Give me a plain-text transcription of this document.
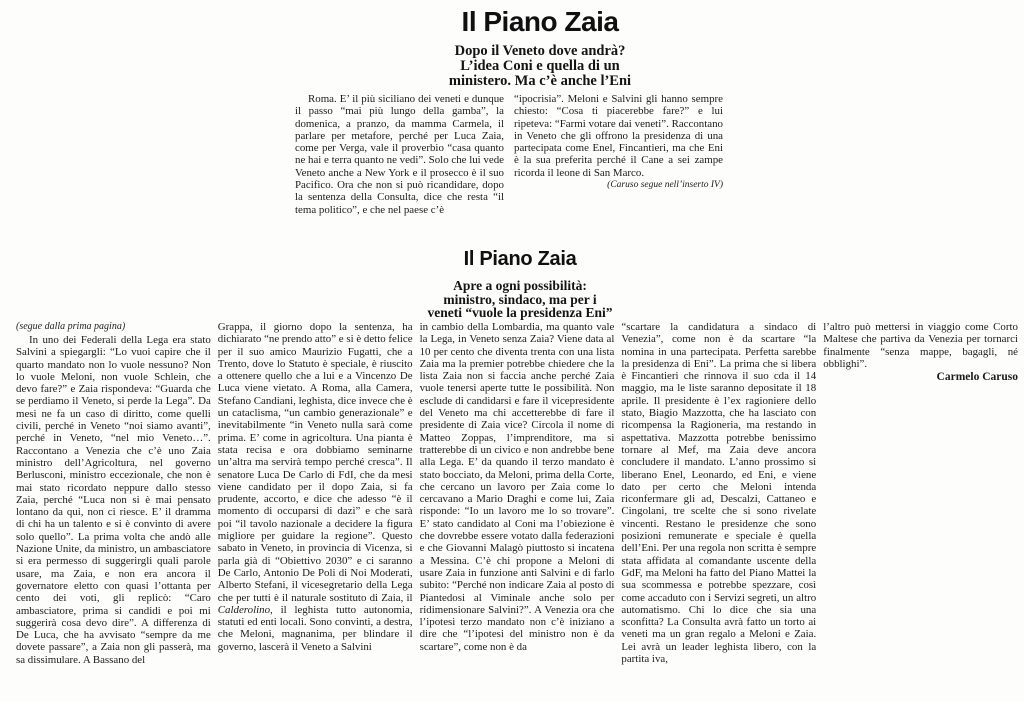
Il Piano Zaia
Dopo il Veneto dove andrà?
L’idea Coni e quella di un
ministero. Ma c’è anche l’Eni

Roma. E’ il più siciliano dei veneti e dunque il passo “mai più lungo della gamba”, la domenica, a pranzo, da mamma Carmela, il parlare per metafore, perché per Luca Zaia, come per Verga, vale il proverbio “casa quanto ne hai e terra quanto ne vedi”. Solo che lui vede Veneto anche a New York e il prosecco è il suo Pacifico. Ora che non si può ricandidare, dopo la sentenza della Consulta, dice che resta “il tema politico”, e che nel paese c’è

“ipocrisia”. Meloni e Salvini gli hanno sempre chiesto: “Cosa ti piacerebbe fare?” e lui ripeteva: “Farmi votare dai veneti”. Raccontano in Veneto che gli offrono la presidenza di una partecipata come Enel, Fincantieri, ma che Eni è la sua preferita perché il Cane a sei zampe ricorda il leone di San Marco.
(Caruso segue nell’inserto IV)

Il Piano Zaia
Apre a ogni possibilità:
ministro, sindaco, ma per i
veneti “vuole la presidenza Eni”
(segue dalla prima pagina)

In uno dei Federali della Lega era stato Salvini a spiegargli: “Lo vuoi capire che il quarto mandato non lo vuole nessuno? Non lo vuole Meloni, non vuole Schlein, che devo fare?” e Zaia rispondeva: “Guarda che se perdiamo il Veneto, si perde la Lega”. Da mesi ne fa un caso di diritto, come quelli civili, perché in Veneto “noi siamo avanti”, perché in Veneto, “nel mio Veneto…”. Raccontano a Venezia che c’è uno Zaia ministro dell’Agricoltura, nel governo Berlusconi, ministro eccezionale, che non è mai stato ricordato neppure dallo stesso Zaia, perché “Luca non si è mai pensato lontano da qui, non ci riesce. E’ il dramma di chi ha un talento e si è convinto di avere solo quello”. La prima volta che andò alle Nazione Unite, da ministro, un ambasciatore si era permesso di suggerirgli quali parole usare, ma Zaia, e non era ancora il governatore eletto con quasi l’ottanta per cento dei voti, gli replicò: “Caro ambasciatore, prima si candidi e poi mi suggerirà cosa devo dire”. A differenza di De Luca, che ha avvisato “sempre da me dovete passare”, a Zaia non gli passerà, ma sa dissimulare. A Bassano del

Grappa, il giorno dopo la sentenza, ha dichiarato “ne prendo atto” e si è detto felice per il suo amico Maurizio Fugatti, che a Trento, dove lo Statuto è speciale, è riuscito a ottenere quello che a lui e a Vincenzo De Luca viene vietato. A Roma, alla Camera, Stefano Candiani, leghista, dice invece che è un cataclisma, “un cambio generazionale” e inevitabilmente “in Veneto nulla sarà come prima. E’ come in agricoltura. Una pianta è stata recisa e ora dobbiamo seminarne un’altra ma servirà tempo perché cresca”. Il senatore Luca De Carlo di FdI, che da mesi viene candidato per il dopo Zaia, si fa prudente, accorto, e dice che adesso “è il momento di occuparsi di dazi” e che sarà poi “il tavolo nazionale a decidere la figura migliore per guidare la regione”. Questo sabato in Veneto, in provincia di Vicenza, si parla già di “Obiettivo 2030” e ci saranno De Carlo, Antonio De Poli di Noi Moderati, Alberto Stefani, il vicesegretario della Lega che per tutti è il naturale sostituto di Zaia, il Calderolino, il leghista tutto autonomia, statuti ed enti locali. Sono convinti, a destra, che Meloni, magnanima, per blindare il governo, lascerà il Veneto a Salvini

in cambio della Lombardia, ma quanto vale la Lega, in Veneto senza Zaia? Viene data al 10 per cento che diventa trenta con una lista Zaia ma la premier potrebbe chiedere che la lista Zaia non si faccia anche perché Zaia vuole tenersi aperte tutte le possibilità. Non esclude di candidarsi e fare il vicepresidente del Veneto ma chi accetterebbe di fare il presidente di Zaia vice? Circola il nome di Matteo Zoppas, l’imprenditore, ma si tratterebbe di un civico e non andrebbe bene alla Lega. E’ da quando il terzo mandato è stato bocciato, da Meloni, prima della Corte, che cercano un lavoro per Zaia come lo cercavano a Mario Draghi e come lui, Zaia risponde: “Io un lavoro me lo so trovare”. E’ stato candidato al Coni ma l’obiezione è che dovrebbe essere votato dalla federazioni e che Giovanni Malagò piuttosto si incatena a Messina. C’è chi propone a Meloni di usare Zaia in funzione anti Salvini e di farlo subito: “Perché non indicare Zaia al posto di Piantedosi al Viminale anche solo per ridimensionare Salvini?”. A Venezia ora che l’ipotesi terzo mandato non c’è iniziano a dire che “l’ipotesi del ministro non è da scartare”, come non è da

“scartare la candidatura a sindaco di Venezia”, come non è da scartare “la nomina in una partecipata. Perfetta sarebbe la presidenza di Eni”. La prima che si libera è Fincantieri che rinnova il suo cda il 14 maggio, ma le liste saranno depositate il 18 aprile. Il presidente è l’ex ragioniere dello stato, Biagio Mazzotta, che ha lasciato con ricompensa la Ragioneria, ma restando in aspettativa. Mazzotta potrebbe benissimo tornare al Mef, ma Zaia deve ancora concludere il mandato. L’anno prossimo si liberano Enel, Leonardo, ed Eni, e viene dato per certo che Meloni intenda riconfermare gli ad, Descalzi, Cattaneo e Cingolani, tre scelte che si sono rivelate vincenti. Restano le presidenze che sono posizioni remunerate e speciale è quella dell’Eni. Per una regola non scritta è sempre stata affidata al comandante uscente della GdF, ma Meloni ha fatto del Piano Mattei la sua scommessa e potrebbe spezzare, così come accaduto con i Servizi segreti, un altro automatismo. Chi lo dice che sia una sconfitta? La Consulta avrà fatto un torto ai veneti ma un gran regalo a Meloni e Zaia. Lei avrà un leader leghista libero, con la partita iva,

l’altro può mettersi in viaggio come Corto Maltese che partiva da Venezia per tornarci finalmente “senza mappe, bagagli, né obblighi”.

Carmelo Caruso
